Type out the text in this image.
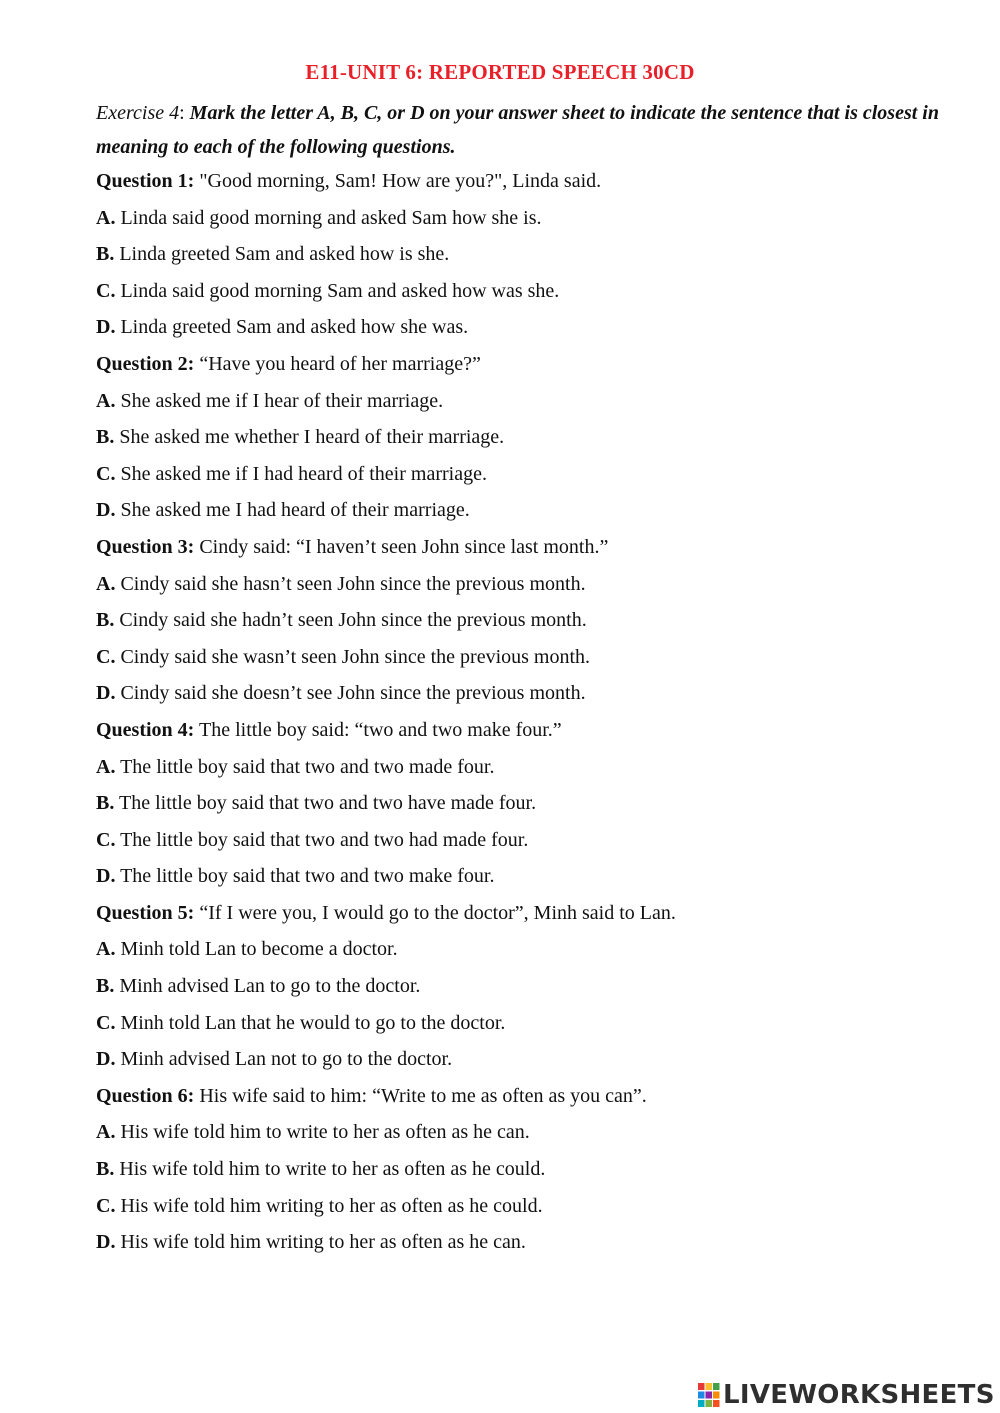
E11-UNIT 6: REPORTED SPEECH 30CD
Exercise 4: Mark the letter A, B, C, or D on your answer sheet to indicate the sentence that is closest in meaning to each of the following questions.
Question 1: "Good morning, Sam! How are you?", Linda said.
A. Linda said good morning and asked Sam how she is.
B. Linda greeted Sam and asked how is she.
C. Linda said good morning Sam and asked how was she.
D. Linda greeted Sam and asked how she was.
Question 2: “Have you heard of her marriage?”
A. She asked me if I hear of their marriage.
B. She asked me whether I heard of their marriage.
C. She asked me if I had heard of their marriage.
D. She asked me I had heard of their marriage.
Question 3: Cindy said: “I haven’t seen John since last month.”
A. Cindy said she hasn’t seen John since the previous month.
B. Cindy said she hadn’t seen John since the previous month.
C. Cindy said she wasn’t seen John since the previous month.
D. Cindy said she doesn’t see John since the previous month.
Question 4: The little boy said: “two and two make four.”
A. The little boy said that two and two made four.
B. The little boy said that two and two have made four.
C. The little boy said that two and two had made four.
D. The little boy said that two and two make four.
Question 5: “If I were you, I would go to the doctor”, Minh said to Lan.
A. Minh told Lan to become a doctor.
B. Minh advised Lan to go to the doctor.
C. Minh told Lan that he would to go to the doctor.
D. Minh advised Lan not to go to the doctor.
Question 6: His wife said to him: “Write to me as often as you can”.
A. His wife told him to write to her as often as he can.
B. His wife told him to write to her as often as he could.
C. His wife told him writing to her as often as he could.
D. His wife told him writing to her as often as he can.
LIVEWORKSHEETS
